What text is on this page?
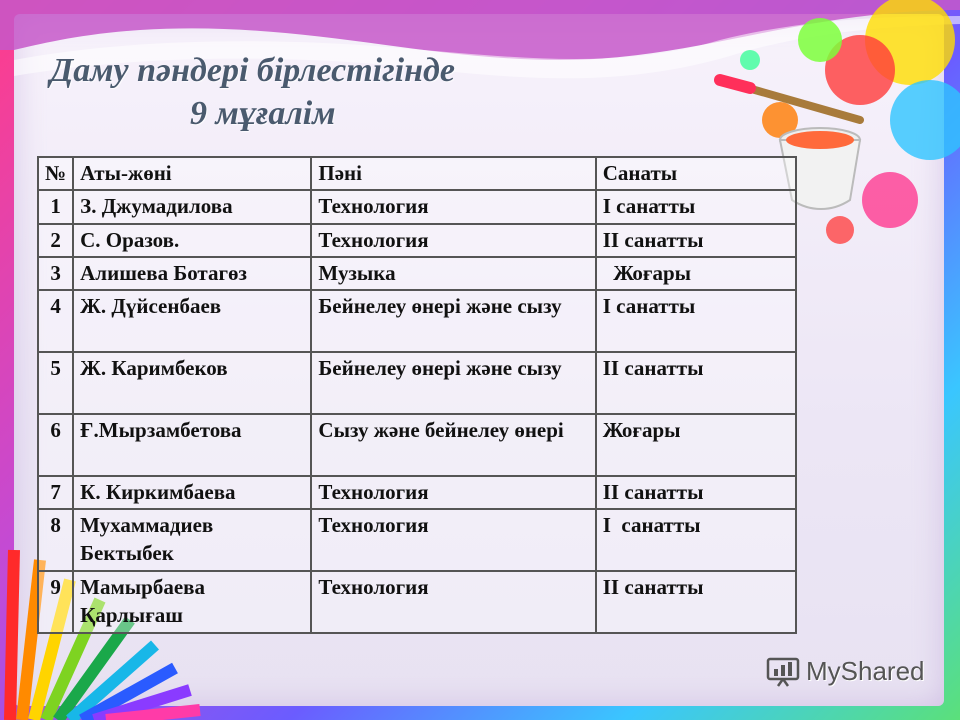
Даму пәндері бірлестігінде
9 мұғалім
№	Аты-жөні	Пәні	Санаты
1	З. Джумадилова	Технология	І санатты
2	С. Оразов.	Технология	ІІ санатты
3	Алишева Ботагөз	Музыка	Жоғары
4	Ж. Дүйсенбаев	Бейнелеу өнері және сызу	І санатты
5	Ж. Каримбеков	Бейнелеу өнері және сызу	ІІ санатты
6	Ғ.Мырзамбетова	Сызу және бейнелеу өнері	Жоғары
7	К. Киркимбаева	Технология	ІІ санатты
8	Мухаммадиев Бектыбек	Технология	І  санатты
9	Мамырбаева Қарлығаш	Технология	ІІ санатты
MyShared
